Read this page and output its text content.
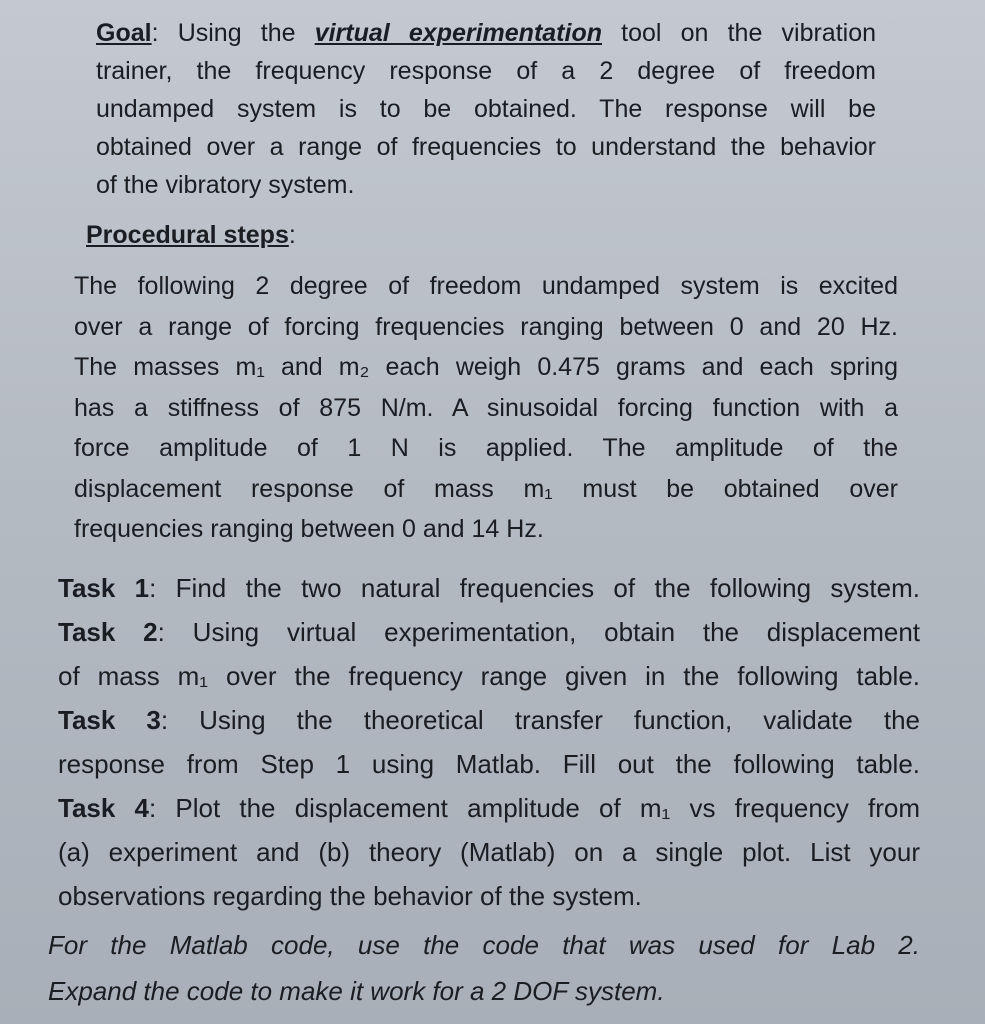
Goal: Using the virtual experimentation tool on the vibration
trainer, the frequency response of a 2 degree of freedom
undamped system is to be obtained. The response will be
obtained over a range of frequencies to understand the behavior
of the vibratory system.
Procedural steps:
The following 2 degree of freedom undamped system is excited
over a range of forcing frequencies ranging between 0 and 20 Hz.
The masses m₁ and m₂ each weigh 0.475 grams and each spring
has a stiffness of 875 N/m. A sinusoidal forcing function with a
force amplitude of 1 N is applied. The amplitude of the
displacement response of mass m₁ must be obtained over
frequencies ranging between 0 and 14 Hz.
Task 1: Find the two natural frequencies of the following system.
Task 2: Using virtual experimentation, obtain the displacement
of mass m₁ over the frequency range given in the following table.
Task 3: Using the theoretical transfer function, validate the
response from Step 1 using Matlab. Fill out the following table.
Task 4: Plot the displacement amplitude of m₁ vs frequency from
(a) experiment and (b) theory (Matlab) on a single plot. List your
observations regarding the behavior of the system.
For the Matlab code, use the code that was used for Lab 2.
Expand the code to make it work for a 2 DOF system.
